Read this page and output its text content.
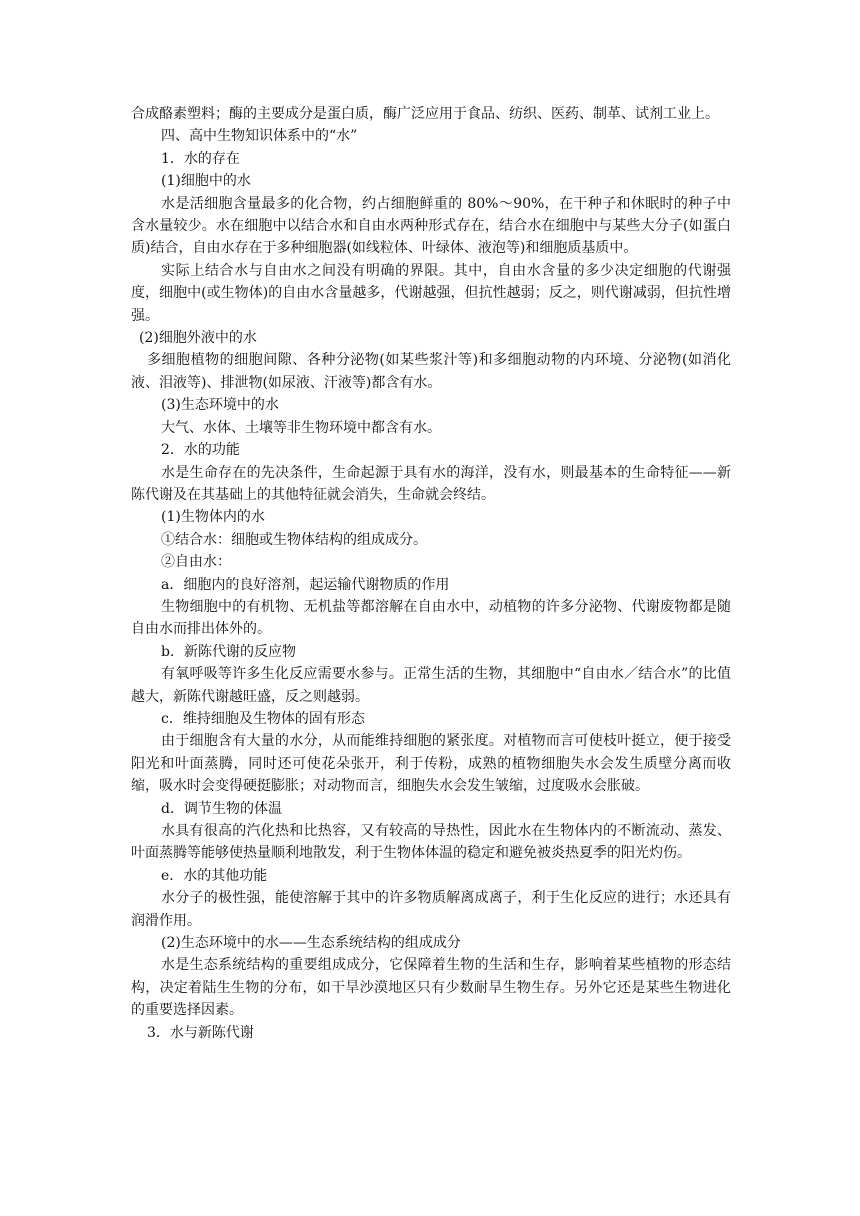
合成酪素塑料；酶的主要成分是蛋白质，酶广泛应用于食品、纺织、医药、制革、试剂工业上。

四、高中生物知识体系中的“水”

1．水的存在

(1)细胞中的水

水是活细胞含量最多的化合物，约占细胞鲜重的 80%～90%，在干种子和休眠时的种子中含水量较少。水在细胞中以结合水和自由水两种形式存在，结合水在细胞中与某些大分子(如蛋白质)结合，自由水存在于多种细胞器(如线粒体、叶绿体、液泡等)和细胞质基质中。

实际上结合水与自由水之间没有明确的界限。其中，自由水含量的多少决定细胞的代谢强度，细胞中(或生物体)的自由水含量越多，代谢越强，但抗性越弱；反之，则代谢减弱，但抗性增强。

(2)细胞外液中的水

多细胞植物的细胞间隙、各种分泌物(如某些浆汁等)和多细胞动物的内环境、分泌物(如消化液、泪液等)、排泄物(如尿液、汗液等)都含有水。

(3)生态环境中的水

大气、水体、土壤等非生物环境中都含有水。

2．水的功能

水是生命存在的先决条件，生命起源于具有水的海洋，没有水，则最基本的生命特征——新陈代谢及在其基础上的其他特征就会消失，生命就会终结。

(1)生物体内的水

①结合水：细胞或生物体结构的组成成分。

②自由水：

a．细胞内的良好溶剂，起运输代谢物质的作用

生物细胞中的有机物、无机盐等都溶解在自由水中，动植物的许多分泌物、代谢废物都是随自由水而排出体外的。

b．新陈代谢的反应物

有氧呼吸等许多生化反应需要水参与。正常生活的生物，其细胞中“自由水／结合水”的比值越大，新陈代谢越旺盛，反之则越弱。

c．维持细胞及生物体的固有形态

由于细胞含有大量的水分，从而能维持细胞的紧张度。对植物而言可使枝叶挺立，便于接受阳光和叶面蒸腾，同时还可使花朵张开，利于传粉，成熟的植物细胞失水会发生质壁分离而收缩，吸水时会变得硬挺膨胀；对动物而言，细胞失水会发生皱缩，过度吸水会胀破。

d．调节生物的体温

水具有很高的汽化热和比热容，又有较高的导热性，因此水在生物体内的不断流动、蒸发、叶面蒸腾等能够使热量顺利地散发，利于生物体体温的稳定和避免被炎热夏季的阳光灼伤。

e．水的其他功能

水分子的极性强，能使溶解于其中的许多物质解离成离子，利于生化反应的进行；水还具有润滑作用。

(2)生态环境中的水——生态系统结构的组成成分

水是生态系统结构的重要组成成分，它保障着生物的生活和生存，影响着某些植物的形态结构，决定着陆生生物的分布，如干旱沙漠地区只有少数耐旱生物生存。另外它还是某些生物进化的重要选择因素。

3．水与新陈代谢
